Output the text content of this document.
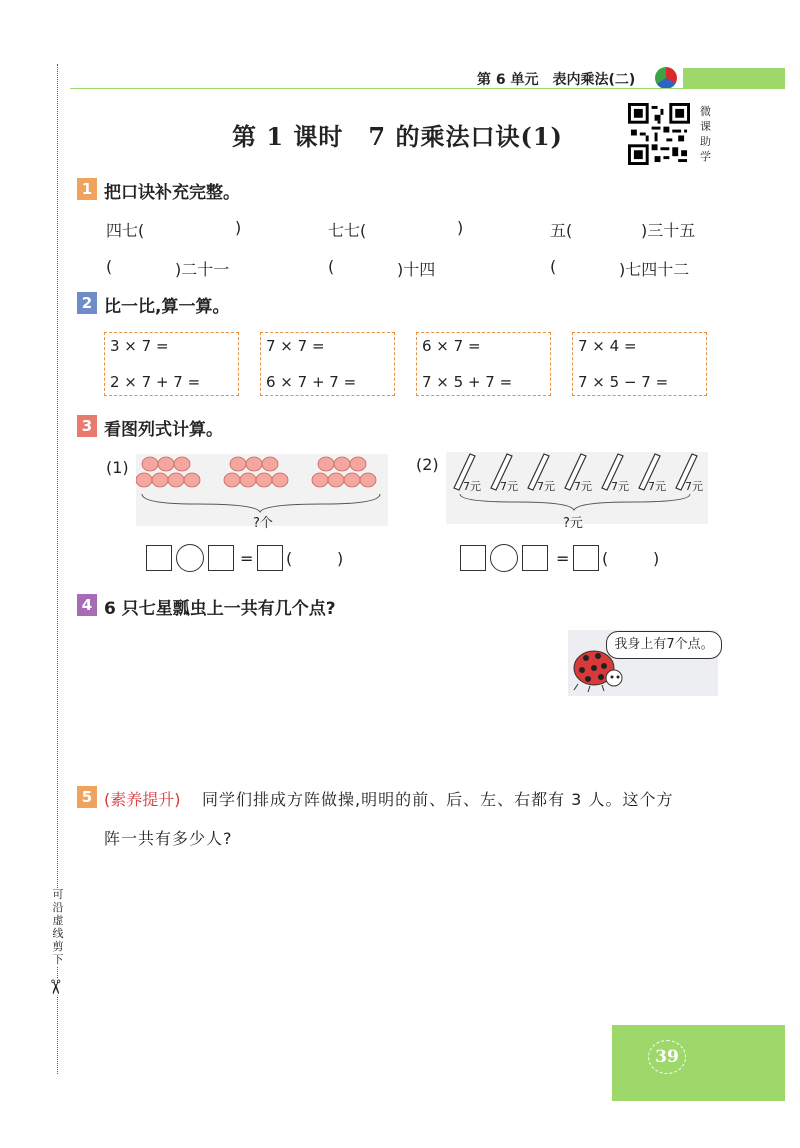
可
沿
虚
线
剪
下
✂
第 6 单元　表内乘法(二)
第 1 课时　7 的乘法口诀(1)
微
课
助
学
1 把口诀补充完整。
四七(	)	七七(	)	五(	)三十五
(	)二十一	(	)十四	(	)七四十二
2 比一比,算一算。
3 × 7 =
2 × 7 + 7 =
7 × 7 =
6 × 7 + 7 =
6 × 7 =
7 × 5 + 7 =
7 × 4 =
7 × 5 − 7 =
3 看图列式计算。
(1)
?个
(2)
7元 7元 7元 7元 7元 7元 7元
?元
= (	)	= (	)
4 6 只七星瓢虫上一共有几个点?
我身上有7个点。
5 (素养提升) 同学们排成方阵做操,明明的前、后、左、右都有 3 人。这个方
阵一共有多少人?
39
